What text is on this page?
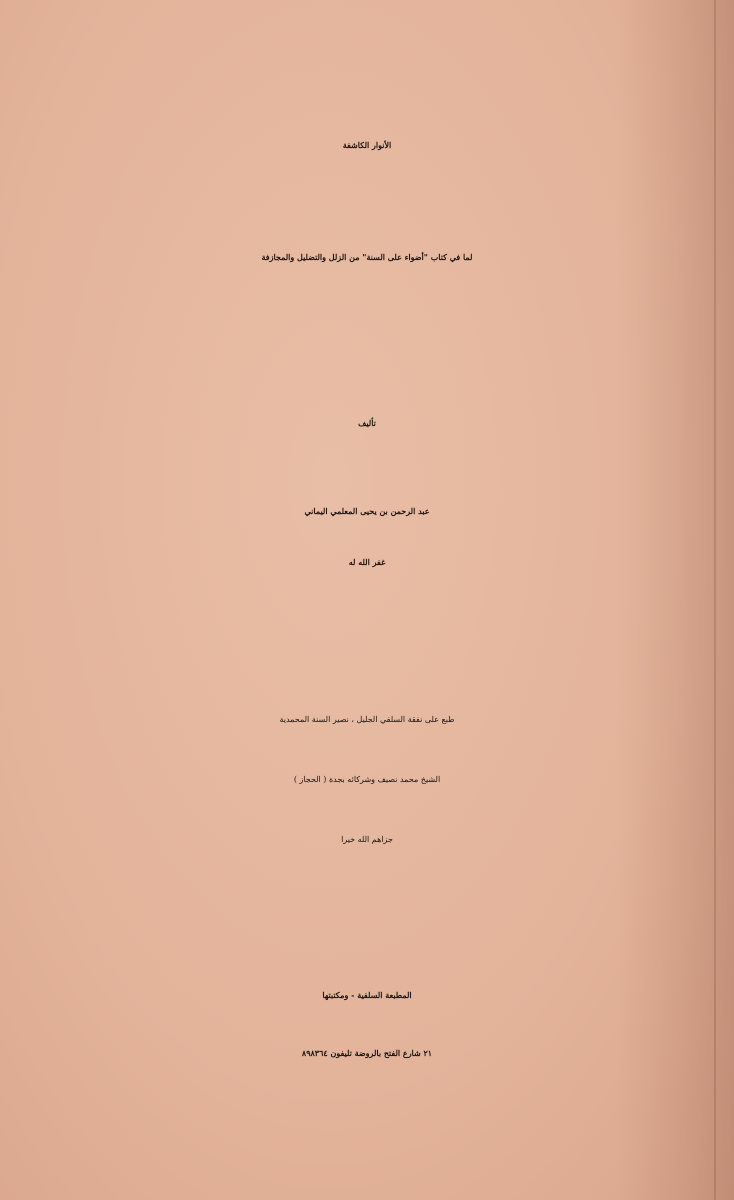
الأنوار الكاشفة
لما في كتاب "أضواء على السنة" من الزلل والتضليل والمجازفة
تأليف
عبد الرحمن بن يحيى المعلمي اليماني
غفر الله له
طبع على نفقة السلفي الجليل ، نصير السنة المحمدية
الشيخ محمد نصيف وشركائه بجدة ( الحجاز )
جزاهم الله خيرا
المطبعة السلفية - ومكتبتها
٢١ شارع الفتح بالروضة تليفون ٨٩٨٣٦٤
